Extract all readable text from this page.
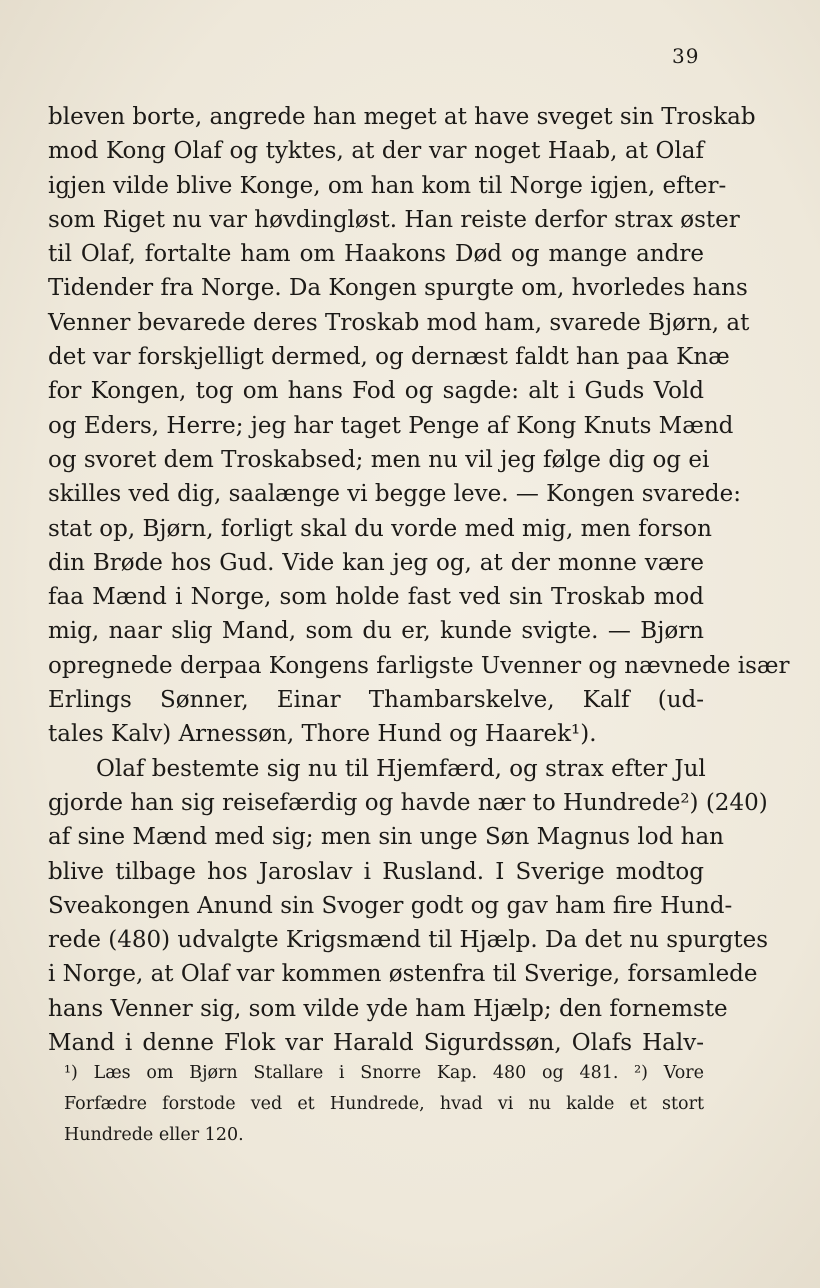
39
bleven borte, angrede han meget at have sveget sin Troskab
mod Kong Olaf og tyktes, at der var noget Haab, at Olaf
igjen vilde blive Konge, om han kom til Norge igjen, efter-
som Riget nu var høvdingløst. Han reiste derfor strax øster
til Olaf, fortalte ham om Haakons Død og mange andre
Tidender fra Norge. Da Kongen spurgte om, hvorledes hans
Venner bevarede deres Troskab mod ham, svarede Bjørn, at
det var forskjelligt dermed, og dernæst faldt han paa Knæ
for Kongen, tog om hans Fod og sagde: alt i Guds Vold
og Eders, Herre; jeg har taget Penge af Kong Knuts Mænd
og svoret dem Troskabsed; men nu vil jeg følge dig og ei
skilles ved dig, saalænge vi begge leve. — Kongen svarede:
stat op, Bjørn, forligt skal du vorde med mig, men forson
din Brøde hos Gud. Vide kan jeg og, at der monne være
faa Mænd i Norge, som holde fast ved sin Troskab mod
mig, naar slig Mand, som du er, kunde svigte. — Bjørn
opregnede derpaa Kongens farligste Uvenner og nævnede især
Erlings Sønner, Einar Thambarskelve, Kalf (ud-
tales Kalv) Arnessøn, Thore Hund og Haarek¹).
Olaf bestemte sig nu til Hjemfærd, og strax efter Jul
gjorde han sig reisefærdig og havde nær to Hundrede²) (240)
af sine Mænd med sig; men sin unge Søn Magnus lod han
blive tilbage hos Jaroslav i Rusland. I Sverige modtog
Sveakongen Anund sin Svoger godt og gav ham fire Hund-
rede (480) udvalgte Krigsmænd til Hjælp. Da det nu spurgtes
i Norge, at Olaf var kommen østenfra til Sverige, forsamlede
hans Venner sig, som vilde yde ham Hjælp; den fornemste
Mand i denne Flok var Harald Sigurdssøn, Olafs Halv-
¹) Læs om Bjørn Stallare i Snorre Kap. 480 og 481. ²) Vore
Forfædre forstode ved et Hundrede, hvad vi nu kalde et stort
Hundrede eller 120.
